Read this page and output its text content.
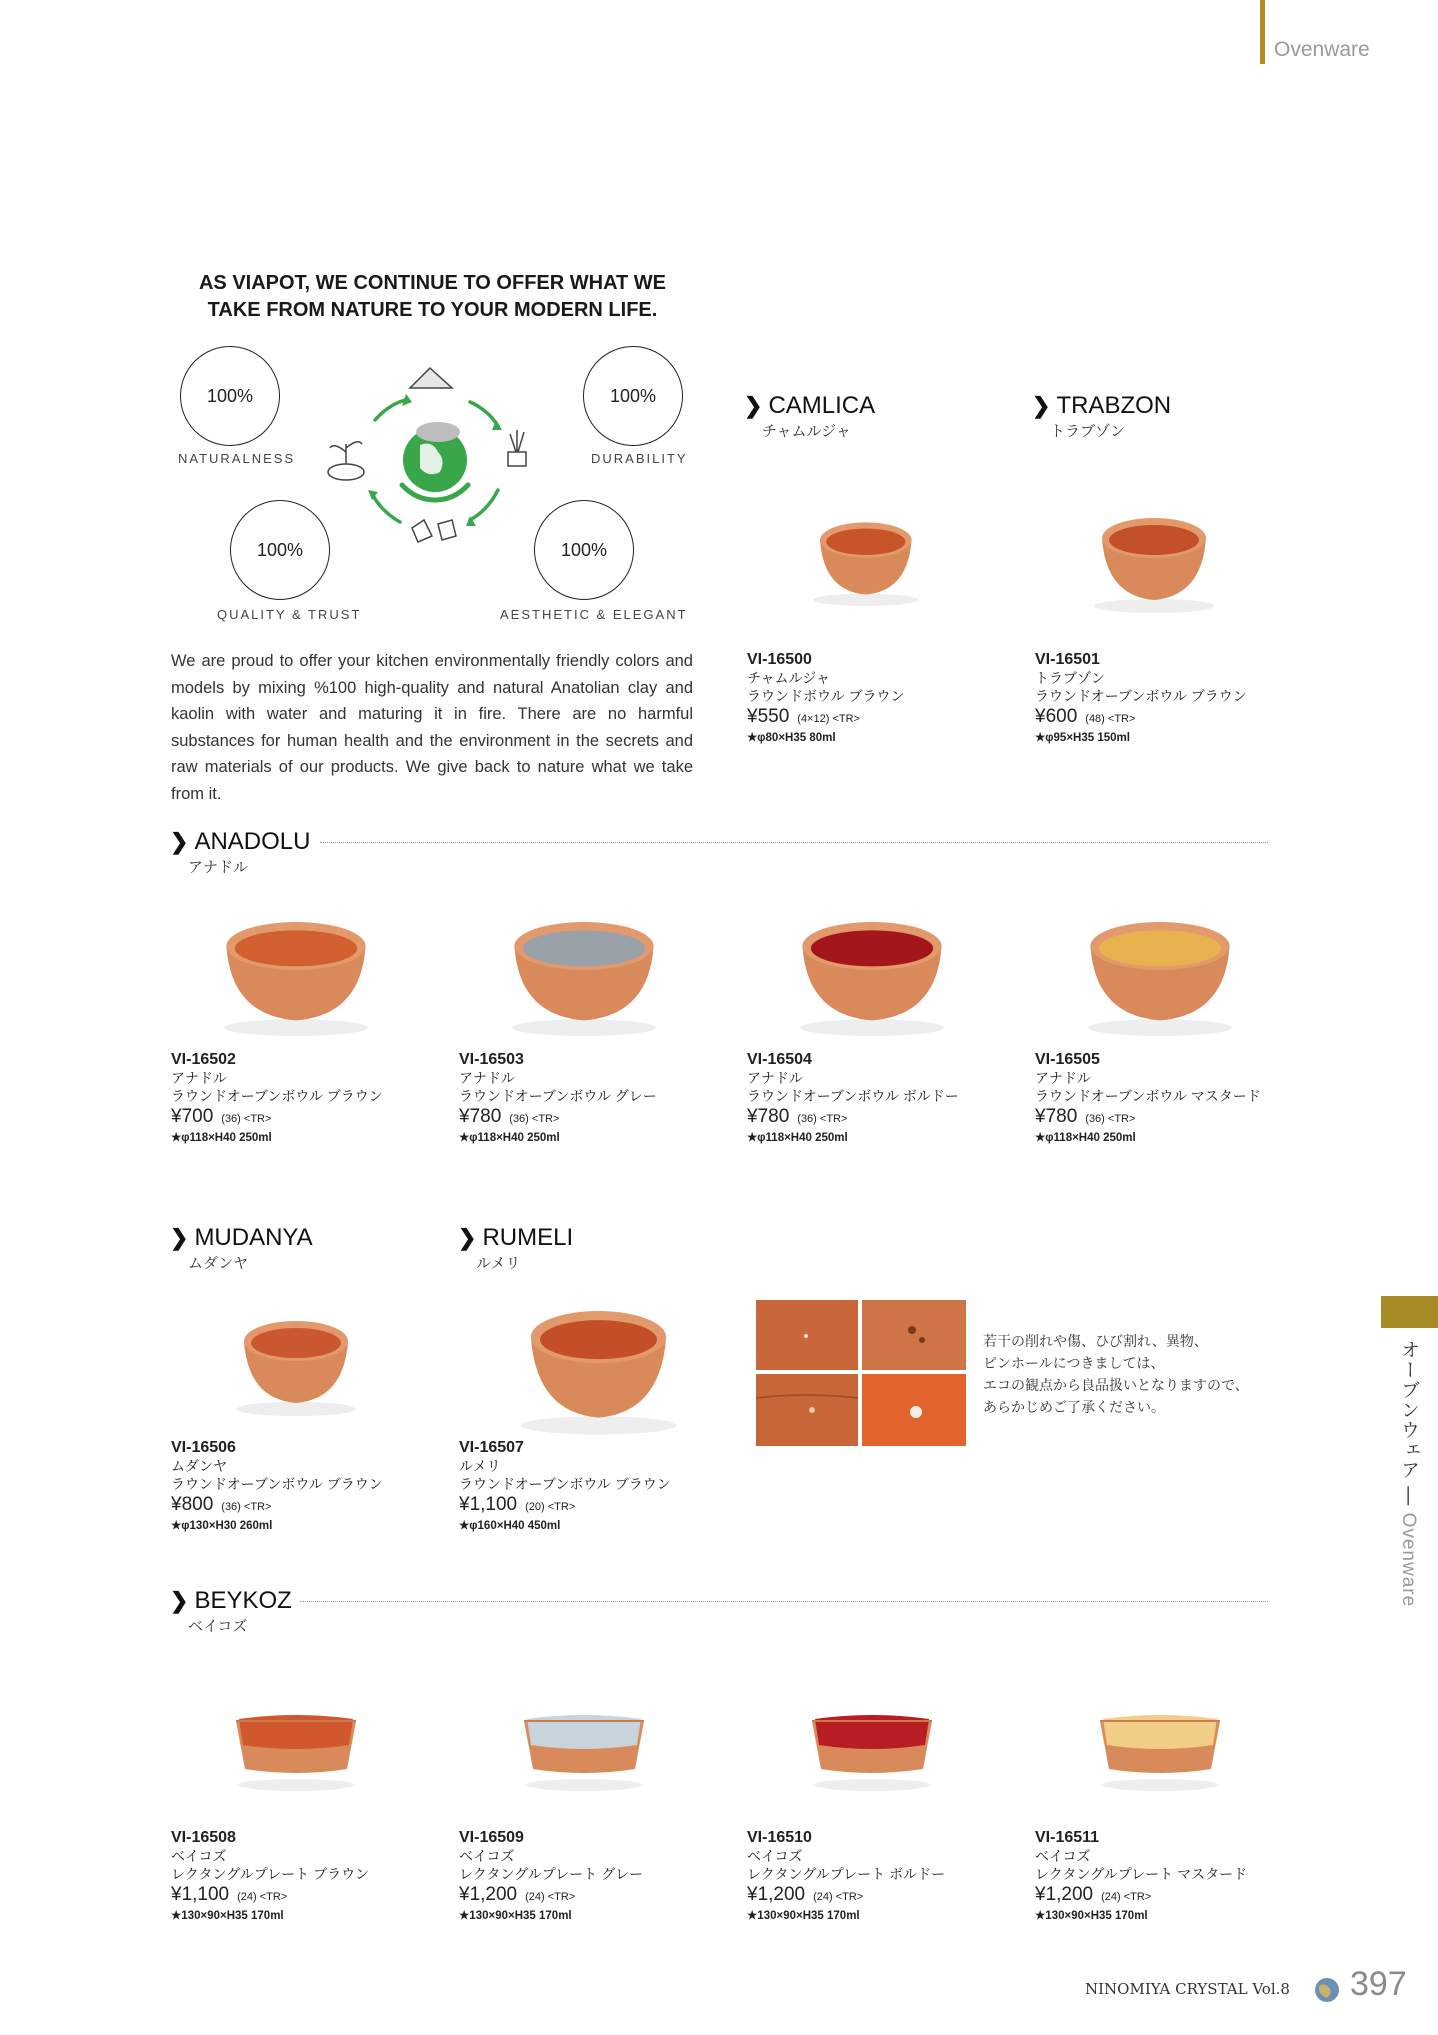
Ovenware
AS VIAPOT, WE CONTINUE TO OFFER WHAT WE TAKE FROM NATURE TO YOUR MODERN LIFE.
100%
NATURALNESS
100%
DURABILITY
100%
QUALITY & TRUST
100%
AESTHETIC & ELEGANT
We are proud to offer your kitchen environmentally friendly colors and models by mixing %100 high-quality and natural Anatolian clay and kaolin with water and maturing it in fire. There are no harmful substances for human health and the environment in the secrets and raw materials of our products. We give back to nature what we take from it.
❯ CAMLICA
チャムルジャ
❯ TRABZON
トラブゾン
❯ ANADOLU
アナドル
❯ MUDANYA
ムダンヤ
❯ RUMELI
ルメリ
❯ BEYKOZ
ベイコズ
VI-16500
チャムルジャ
ラウンドボウル ブラウン
¥550 (4×12) <TR>
★φ80×H35 80ml
VI-16501
トラブゾン
ラウンドオーブンボウル ブラウン
¥600 (48) <TR>
★φ95×H35 150ml
VI-16502
アナドル
ラウンドオーブンボウル ブラウン
¥700 (36) <TR>
★φ118×H40 250ml
VI-16503
アナドル
ラウンドオーブンボウル グレー
¥780 (36) <TR>
★φ118×H40 250ml
VI-16504
アナドル
ラウンドオーブンボウル ボルドー
¥780 (36) <TR>
★φ118×H40 250ml
VI-16505
アナドル
ラウンドオーブンボウル マスタード
¥780 (36) <TR>
★φ118×H40 250ml
VI-16506
ムダンヤ
ラウンドオーブンボウル ブラウン
¥800 (36) <TR>
★φ130×H30 260ml
VI-16507
ルメリ
ラウンドオーブンボウル ブラウン
¥1,100 (20) <TR>
★φ160×H40 450ml
VI-16508
ベイコズ
レクタングルプレート ブラウン
¥1,100 (24) <TR>
★130×90×H35 170ml
VI-16509
ベイコズ
レクタングルプレート グレー
¥1,200 (24) <TR>
★130×90×H35 170ml
VI-16510
ベイコズ
レクタングルプレート ボルドー
¥1,200 (24) <TR>
★130×90×H35 170ml
VI-16511
ベイコズ
レクタングルプレート マスタード
¥1,200 (24) <TR>
★130×90×H35 170ml
若干の削れや傷、ひび割れ、異物、
ピンホールにつきましては、
エコの観点から良品扱いとなりますので、
あらかじめご了承ください。	オーブンウェア — Ovenware
NINOMIYA CRYSTAL Vol.8 397
